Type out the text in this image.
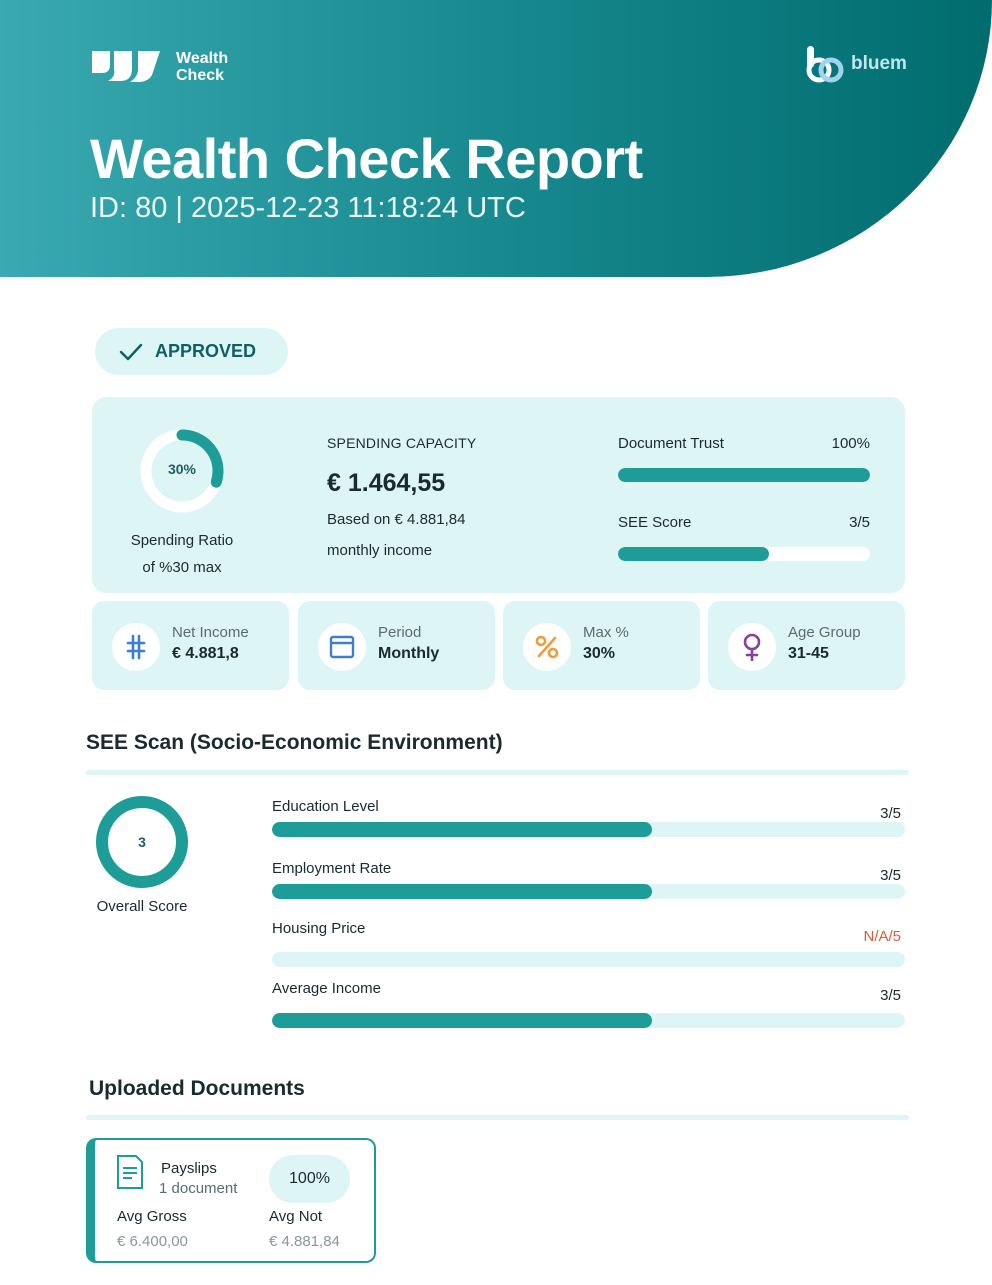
Wealth
Check
bluem
Wealth Check Report
ID: 80 | 2025-12-23 11:18:24 UTC
APPROVED
30%
Spending Ratio
of %30 max
SPENDING CAPACITY
€ 1.464,55
Based on € 4.881,84
monthly income
Document Trust	100%
SEE Score	3/5
Net Income
€ 4.881,8
Period
Monthly
Max %
30%
Age Group
31-45
SEE Scan (Socio-Economic Environment)
3
Overall Score
Education Level	3/5
Employment Rate	3/5
Housing Price	N/A/5
Average Income	3/5
Uploaded Documents
Payslips
1 document
100%
Avg Gross
€ 6.400,00
Avg Not
€ 4.881,84
